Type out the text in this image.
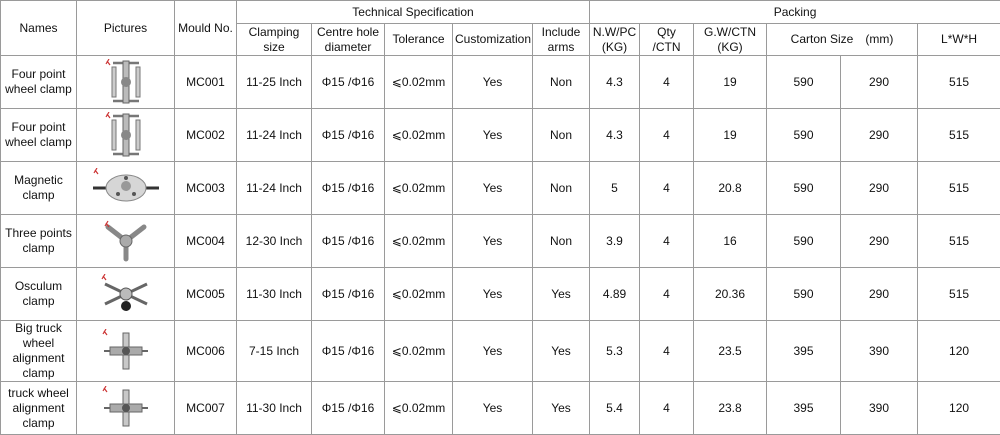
Names	Pictures	Mould No.	Technical Specification					Packing					
			Clamping size	Centre hole diameter	Tolerance	Customization	Include arms	N.W/PC (KG)	Qty /CTN	G.W/CTN (KG)	Carton Size　(mm)		L*W*H
Four point wheel clamp		MC001	11-25 Inch	Φ15 /Φ16	⩽0.02mm	Yes	Non	4.3	4	19	590	290	515
Four point wheel clamp		MC002	11-24 Inch	Φ15 /Φ16	⩽0.02mm	Yes	Non	4.3	4	19	590	290	515
Magnetic clamp		MC003	11-24 Inch	Φ15 /Φ16	⩽0.02mm	Yes	Non	5	4	20.8	590	290	515
Three points clamp		MC004	12-30 Inch	Φ15 /Φ16	⩽0.02mm	Yes	Non	3.9	4	16	590	290	515
Osculum clamp		MC005	11-30 Inch	Φ15 /Φ16	⩽0.02mm	Yes	Yes	4.89	4	20.36	590	290	515
Big truck wheel alignment clamp		MC006	7-15 Inch	Φ15 /Φ16	⩽0.02mm	Yes	Yes	5.3	4	23.5	395	390	120
truck wheel alignment clamp		MC007	11-30 Inch	Φ15 /Φ16	⩽0.02mm	Yes	Yes	5.4	4	23.8	395	390	120
